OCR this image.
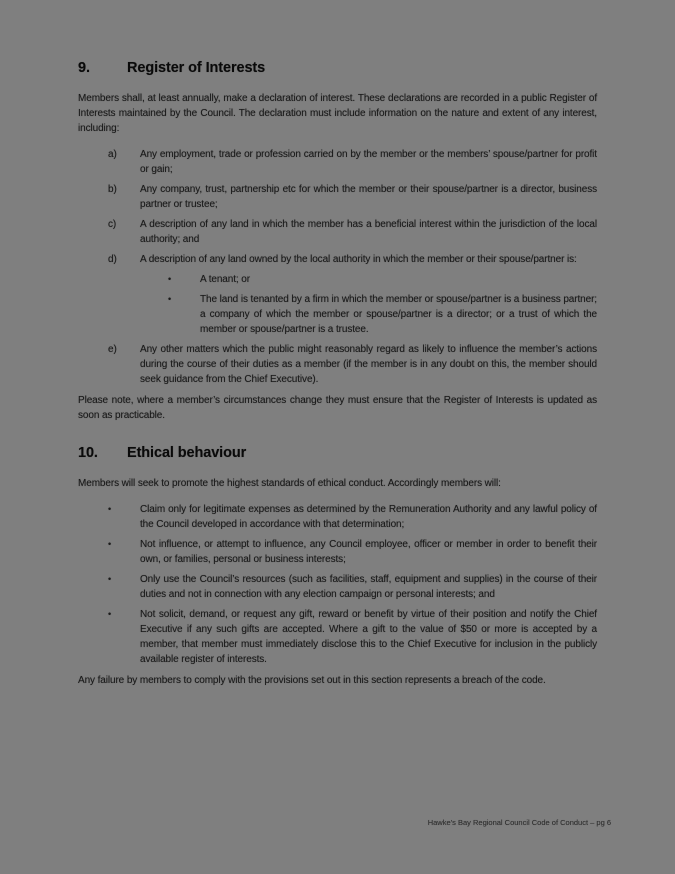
9.	Register of Interests

Members shall, at least annually, make a declaration of interest. These declarations are recorded in a public Register of Interests maintained by the Council. The declaration must include information on the nature and extent of any interest, including:

a)	Any employment, trade or profession carried on by the member or the members’ spouse/partner for profit or gain;
b)	Any company, trust, partnership etc for which the member or their spouse/partner is a director, business partner or trustee;
c)	A description of any land in which the member has a beneficial interest within the jurisdiction of the local authority; and
d)	A description of any land owned by the local authority in which the member or their spouse/partner is:
•	A tenant; or
•	The land is tenanted by a firm in which the member or spouse/partner is a business partner; a company of which the member or spouse/partner is a director; or a trust of which the member or spouse/partner is a trustee.
e)	Any other matters which the public might reasonably regard as likely to influence the member’s actions during the course of their duties as a member (if the member is in any doubt on this, the member should seek guidance from the Chief Executive).

Please note, where a member’s circumstances change they must ensure that the Register of Interests is updated as soon as practicable.

10.	Ethical behaviour

Members will seek to promote the highest standards of ethical conduct. Accordingly members will:

•	Claim only for legitimate expenses as determined by the Remuneration Authority and any lawful policy of the Council developed in accordance with that determination;
•	Not influence, or attempt to influence, any Council employee, officer or member in order to benefit their own, or families, personal or business interests;
•	Only use the Council’s resources (such as facilities, staff, equipment and supplies) in the course of their duties and not in connection with any election campaign or personal interests; and
•	Not solicit, demand, or request any gift, reward or benefit by virtue of their position and notify the Chief Executive if any such gifts are accepted. Where a gift to the value of $50 or more is accepted by a member, that member must immediately disclose this to the Chief Executive for inclusion in the publicly available register of interests.

Any failure by members to comply with the provisions set out in this section represents a breach of the code.

Hawke’s Bay Regional Council Code of Conduct – pg 6
